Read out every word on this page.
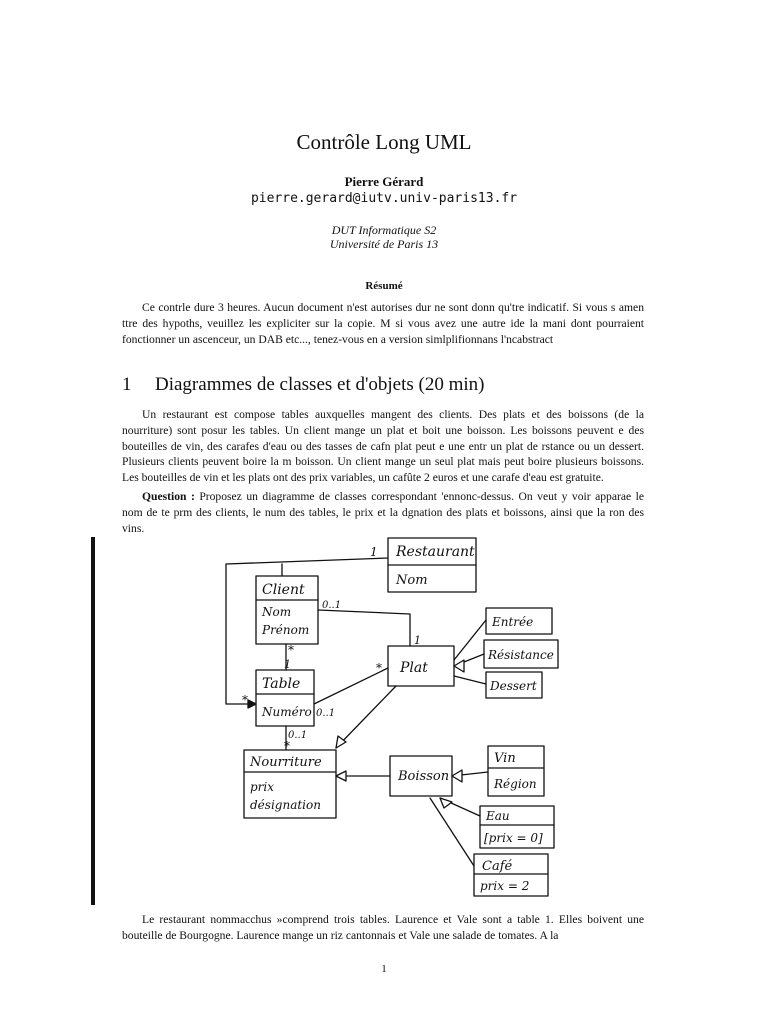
Contrôle Long UML
Pierre Gérard
pierre.gerard@iutv.univ-paris13.fr
DUT Informatique S2
Université de Paris 13
Résumé

Ce contrle dure 3 heures. Aucun document n'est autorises dur ne sont donn qu'tre indicatif. Si vous s amen ttre des hypoths, veuillez les expliciter sur la copie. M si vous avez une autre ide la mani dont pourraient fonctionner un ascenceur, un DAB etc..., tenez-vous en a version simlplifionnans l'ncabstract

1 Diagrammes de classes et d'objets (20 min)

Un restaurant est compose tables auxquelles mangent des clients. Des plats et des boissons (de la nourriture) sont posur les tables. Un client mange un plat et boit une boisson. Les boissons peuvent e des bouteilles de vin, des carafes d'eau ou des tasses de cafn plat peut e une entr un plat de rstance ou un dessert. Plusieurs clients peuvent boire la m boisson. Un client mange un seul plat mais peut boire plusieurs boissons. Les bouteilles de vin et les plats ont des prix variables, un cafûte 2 euros et une carafe d'eau est gratuite.

Question : Proposez un diagramme de classes correspondant 'ennonc-dessus. On veut y voir apparae le nom de te prm des clients, le num des tables, le prix et la dgnation des plats et boissons, ainsi que la ron des vins.

Restaurant
Nom
Client
Nom
Prénom
Table
Numéro
Plat
Entrée
Résistance
Dessert
Nourriture
prix
désignation
Boisson
Vin
Région
Eau
[prix = 0]
Café
prix = 2
1
0..1
1
*
1	*
*
0..1
0..1
*

Le restaurant nommacchus »comprend trois tables. Laurence et Vale sont a table 1. Elles boivent une bouteille de Bourgogne. Laurence mange un riz cantonnais et Vale une salade de tomates. A la

1
